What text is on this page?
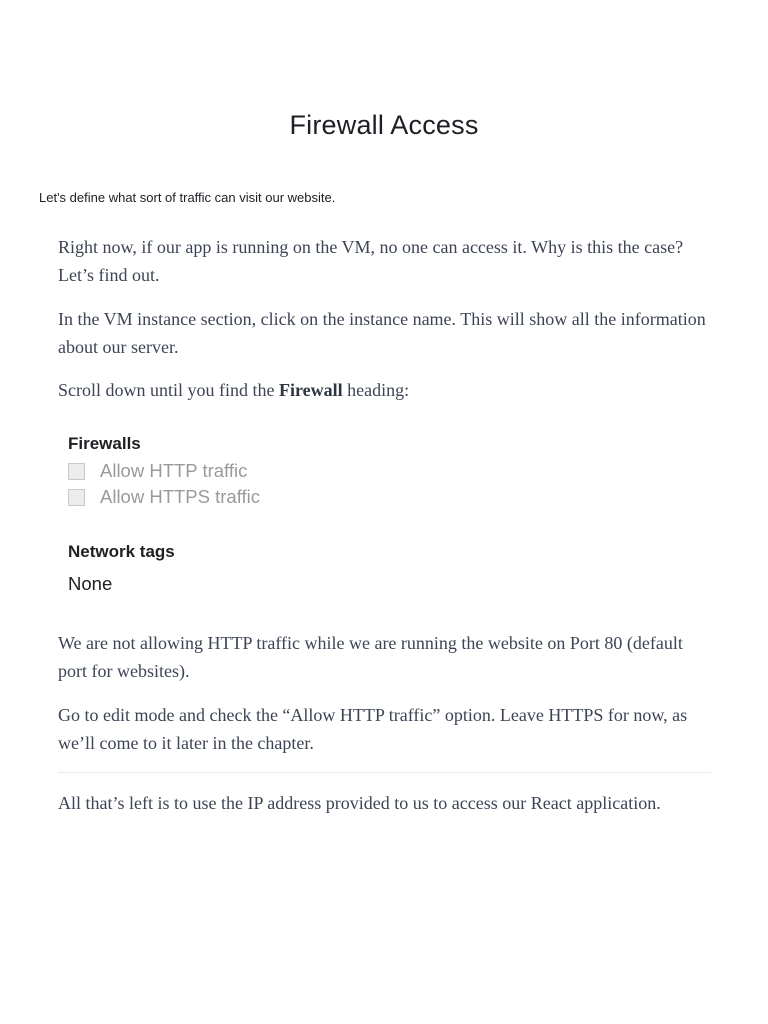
Firewall Access

Let's define what sort of traffic can visit our website.

Right now, if our app is running on the VM, no one can access it. Why is this the case? Let’s find out.

In the VM instance section, click on the instance name. This will show all the information about our server.

Scroll down until you find the Firewall heading:

Firewalls

Allow HTTP traffic
Allow HTTPS traffic

Network tags

None

We are not allowing HTTP traffic while we are running the website on Port 80 (default port for websites).

Go to edit mode and check the “Allow HTTP traffic” option. Leave HTTPS for now, as we’ll come to it later in the chapter.

All that’s left is to use the IP address provided to us to access our React application.
